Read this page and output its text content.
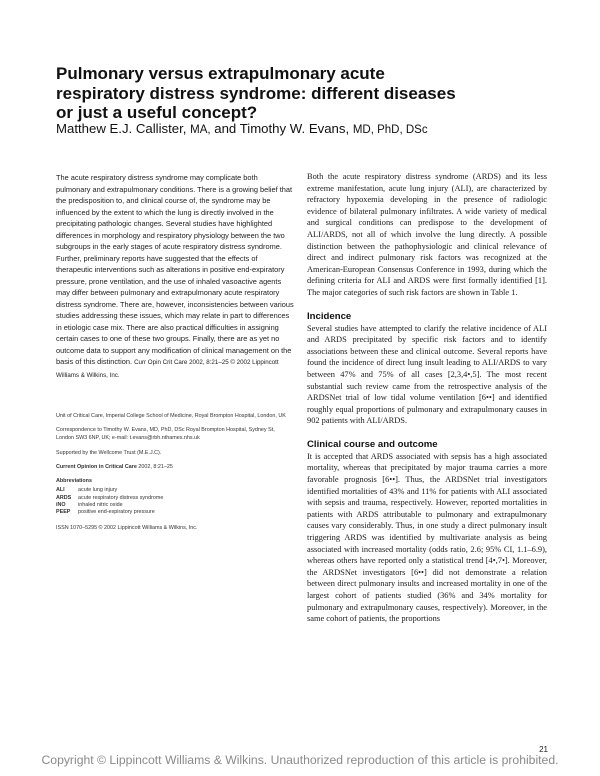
Pulmonary versus extrapulmonary acute respiratory distress syndrome: different diseases or just a useful concept?
Matthew E.J. Callister, MA, and Timothy W. Evans, MD, PhD, DSc

The acute respiratory distress syndrome may complicate both pulmonary and extrapulmonary conditions. There is a growing belief that the predisposition to, and clinical course of, the syndrome may be influenced by the extent to which the lung is directly involved in the precipitating pathologic changes. Several studies have highlighted differences in morphology and respiratory physiology between the two subgroups in the early stages of acute respiratory distress syndrome. Further, preliminary reports have suggested that the effects of therapeutic interventions such as alterations in positive end-expiratory pressure, prone ventilation, and the use of inhaled vasoactive agents may differ between pulmonary and extrapulmonary acute respiratory distress syndrome. There are, however, inconsistencies between various studies addressing these issues, which may relate in part to differences in etiologic case mix. There are also practical difficulties in assigning certain cases to one of these two groups. Finally, there are as yet no outcome data to support any modification of clinical management on the basis of this distinction. Curr Opin Crit Care 2002, 8:21–25 © 2002 Lippincott Williams & Wilkins, Inc.

Unit of Critical Care, Imperial College School of Medicine, Royal Brompton Hospital, London, UK

Correspondence to Timothy W. Evans, MD, PhD, DSc Royal Brompton Hospital, Sydney St, London SW3 6NP, UK; e-mail: t.evans@rbh.nthames.nhs.uk

Supported by the Wellcome Trust (M.E.J.C).

Current Opinion in Critical Care 2002, 8:21–25

Abbreviations

ALI	acute lung injury
ARDS	acute respiratory distress syndrome
iNO	inhaled nitric oxide
PEEP	positive end-expiratory pressure

ISSN 1070–5295 © 2002 Lippincott Williams & Wilkins, Inc.

Both the acute respiratory distress syndrome (ARDS) and its less extreme manifestation, acute lung injury (ALI), are characterized by refractory hypoxemia developing in the presence of radiologic evidence of bilateral pulmonary infiltrates. A wide variety of medical and surgical conditions can predispose to the development of ALI/ARDS, not all of which involve the lung directly. A possible distinction between the pathophysiologic and clinical relevance of direct and indirect pulmonary risk factors was recognized at the American-European Consensus Conference in 1993, during which the defining criteria for ALI and ARDS were first formally identified [1]. The major categories of such risk factors are shown in Table 1.

Incidence

Several studies have attempted to clarify the relative incidence of ALI and ARDS precipitated by specific risk factors and to identify associations between these and clinical outcome. Several reports have found the incidence of direct lung insult leading to ALI/ARDS to vary between 47% and 75% of all cases [2,3,4•,5]. The most recent substantial such review came from the retrospective analysis of the ARDSNet trial of low tidal volume ventilation [6••] and identified roughly equal proportions of pulmonary and extrapulmonary causes in 902 patients with ALI/ARDS.

Clinical course and outcome

It is accepted that ARDS associated with sepsis has a high associated mortality, whereas that precipitated by major trauma carries a more favorable prognosis [6••]. Thus, the ARDSNet trial investigators identified mortalities of 43% and 11% for patients with ALI associated with sepsis and trauma, respectively. However, reported mortalities in patients with ARDS attributable to pulmonary and extrapulmonary causes vary considerably. Thus, in one study a direct pulmonary insult triggering ARDS was identified by multivariate analysis as being associated with increased mortality (odds ratio, 2.6; 95% CI, 1.1–6.9), whereas others have reported only a statistical trend [4•,7•]. Moreover, the ARDSNet investigators [6••] did not demonstrate a relation between direct pulmonary insults and increased mortality in one of the largest cohort of patients studied (36% and 34% mortality for pulmonary and extrapulmonary causes, respectively). Moreover, in the same cohort of patients, the proportions

21
Copyright © Lippincott Williams & Wilkins. Unauthorized reproduction of this article is prohibited.
